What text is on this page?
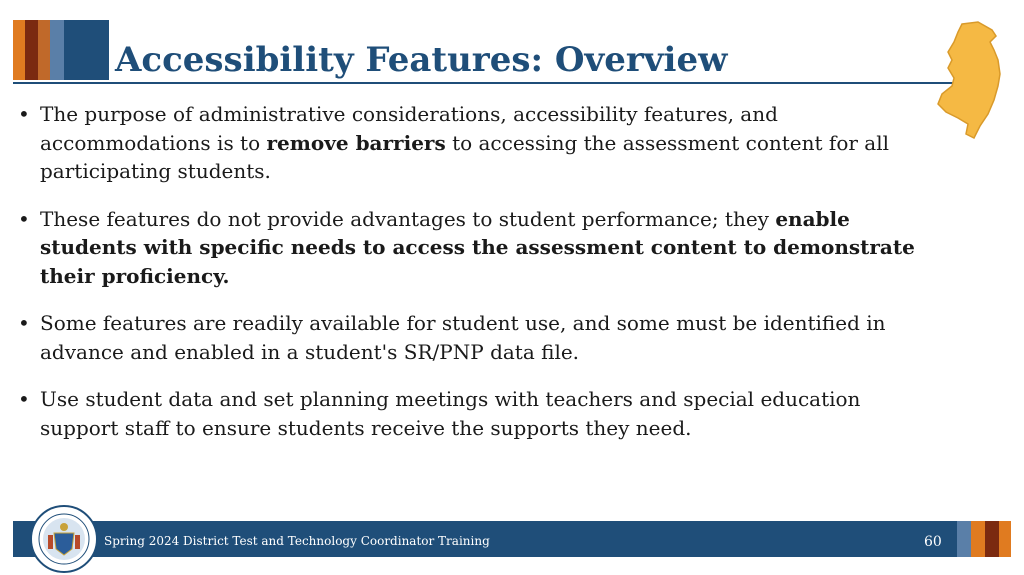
Accessibility Features: Overview
• The purpose of administrative considerations, accessibility features, and accommodations is to remove barriers to accessing the assessment content for all participating students.
• These features do not provide advantages to student performance; they enable students with specific needs to access the assessment content to demonstrate their proficiency.
• Some features are readily available for student use, and some must be identified in advance and enabled in a student's SR/PNP data file.
• Use student data and set planning meetings with teachers and special education support staff to ensure students receive the supports they need.
Spring 2024 District Test and Technology Coordinator Training	60
